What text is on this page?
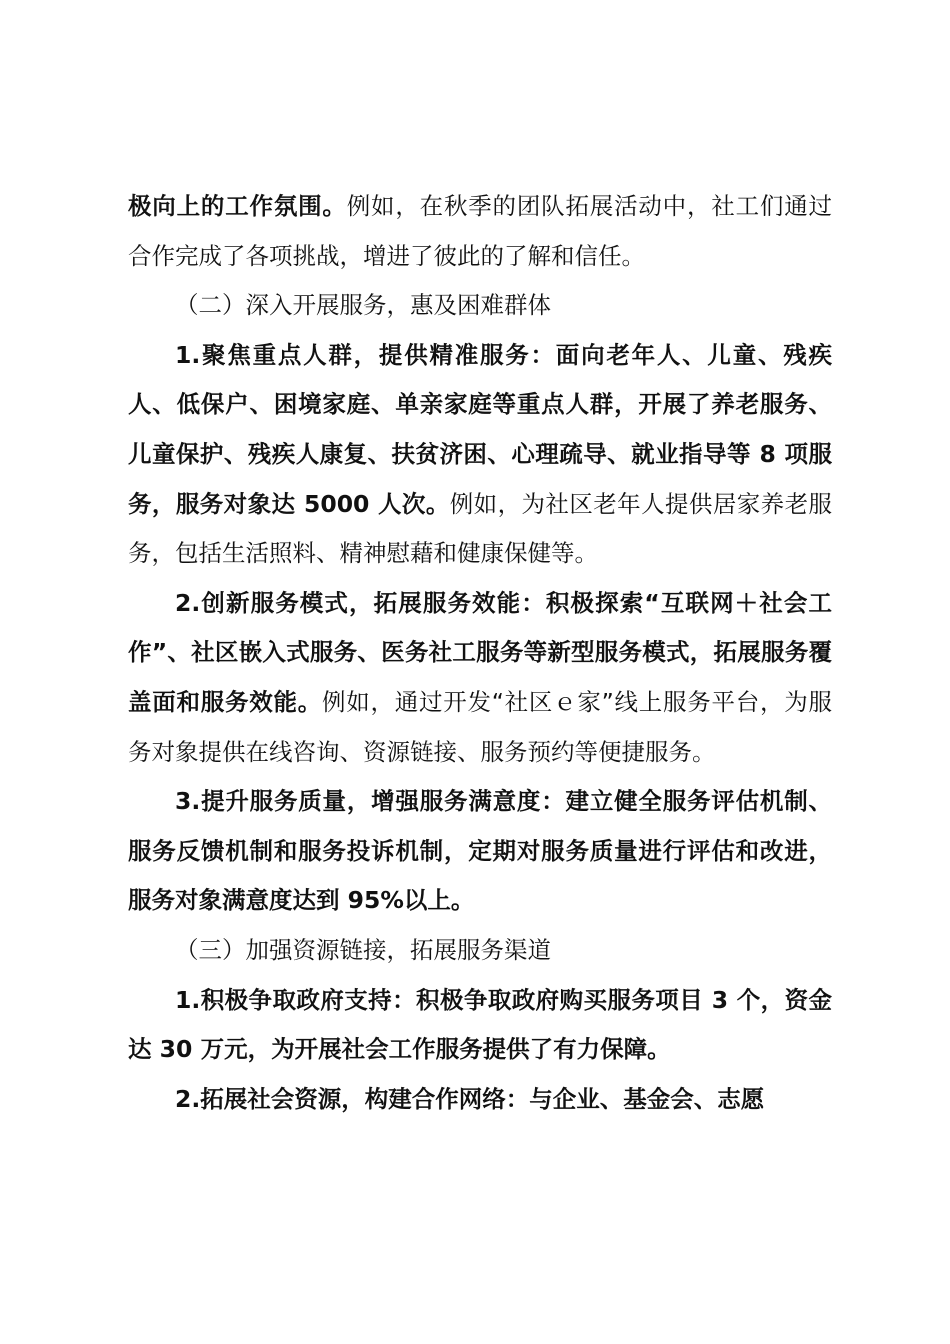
极向上的工作氛围。例如，在秋季的团队拓展活动中，社工们通过合作完成了各项挑战，增进了彼此的了解和信任。

（二）深入开展服务，惠及困难群体

1.聚焦重点人群，提供精准服务：面向老年人、儿童、残疾人、低保户、困境家庭、单亲家庭等重点人群，开展了养老服务、儿童保护、残疾人康复、扶贫济困、心理疏导、就业指导等 8 项服务，服务对象达 5000 人次。例如，为社区老年人提供居家养老服务，包括生活照料、精神慰藉和健康保健等。

2.创新服务模式，拓展服务效能：积极探索“互联网＋社会工作”、社区嵌入式服务、医务社工服务等新型服务模式，拓展服务覆盖面和服务效能。例如，通过开发“社区ｅ家”线上服务平台，为服务对象提供在线咨询、资源链接、服务预约等便捷服务。

3.提升服务质量，增强服务满意度：建立健全服务评估机制、服务反馈机制和服务投诉机制，定期对服务质量进行评估和改进，服务对象满意度达到 95%以上。

（三）加强资源链接，拓展服务渠道

1.积极争取政府支持：积极争取政府购买服务项目 3 个，资金达 30 万元，为开展社会工作服务提供了有力保障。

2.拓展社会资源，构建合作网络：与企业、基金会、志愿
